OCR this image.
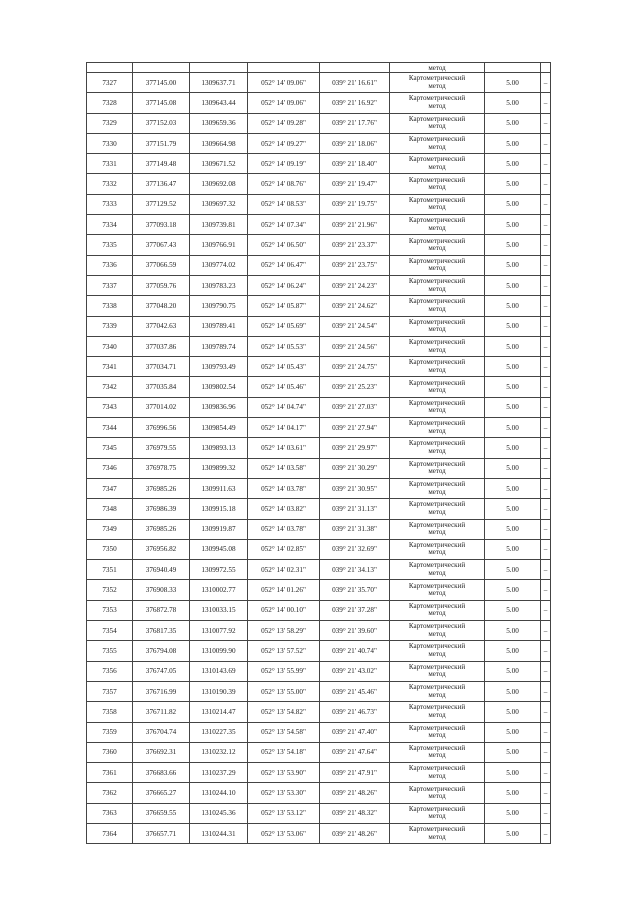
					метод		
7327	377145.00	1309637.71	052° 14' 09.06"	039° 21' 16.61"	Картометрический
метод	5.00	–
7328	377145.08	1309643.44	052° 14' 09.06"	039° 21' 16.92"	Картометрический
метод	5.00	–
7329	377152.03	1309659.36	052° 14' 09.28"	039° 21' 17.76"	Картометрический
метод	5.00	–
7330	377151.79	1309664.98	052° 14' 09.27"	039° 21' 18.06"	Картометрический
метод	5.00	–
7331	377149.48	1309671.52	052° 14' 09.19"	039° 21' 18.40"	Картометрический
метод	5.00	–
7332	377136.47	1309692.08	052° 14' 08.76"	039° 21' 19.47"	Картометрический
метод	5.00	–
7333	377129.52	1309697.32	052° 14' 08.53"	039° 21' 19.75"	Картометрический
метод	5.00	–
7334	377093.18	1309739.81	052° 14' 07.34"	039° 21' 21.96"	Картометрический
метод	5.00	–
7335	377067.43	1309766.91	052° 14' 06.50"	039° 21' 23.37"	Картометрический
метод	5.00	–
7336	377066.59	1309774.02	052° 14' 06.47"	039° 21' 23.75"	Картометрический
метод	5.00	–
7337	377059.76	1309783.23	052° 14' 06.24"	039° 21' 24.23"	Картометрический
метод	5.00	–
7338	377048.20	1309790.75	052° 14' 05.87"	039° 21' 24.62"	Картометрический
метод	5.00	–
7339	377042.63	1309789.41	052° 14' 05.69"	039° 21' 24.54"	Картометрический
метод	5.00	–
7340	377037.86	1309789.74	052° 14' 05.53"	039° 21' 24.56"	Картометрический
метод	5.00	–
7341	377034.71	1309793.49	052° 14' 05.43"	039° 21' 24.75"	Картометрический
метод	5.00	–
7342	377035.84	1309802.54	052° 14' 05.46"	039° 21' 25.23"	Картометрический
метод	5.00	–
7343	377014.02	1309836.96	052° 14' 04.74"	039° 21' 27.03"	Картометрический
метод	5.00	–
7344	376996.56	1309854.49	052° 14' 04.17"	039° 21' 27.94"	Картометрический
метод	5.00	–
7345	376979.55	1309893.13	052° 14' 03.61"	039° 21' 29.97"	Картометрический
метод	5.00	–
7346	376978.75	1309899.32	052° 14' 03.58"	039° 21' 30.29"	Картометрический
метод	5.00	–
7347	376985.26	1309911.63	052° 14' 03.78"	039° 21' 30.95"	Картометрический
метод	5.00	–
7348	376986.39	1309915.18	052° 14' 03.82"	039° 21' 31.13"	Картометрический
метод	5.00	–
7349	376985.26	1309919.87	052° 14' 03.78"	039° 21' 31.38"	Картометрический
метод	5.00	–
7350	376956.82	1309945.08	052° 14' 02.85"	039° 21' 32.69"	Картометрический
метод	5.00	–
7351	376940.49	1309972.55	052° 14' 02.31"	039° 21' 34.13"	Картометрический
метод	5.00	–
7352	376908.33	1310002.77	052° 14' 01.26"	039° 21' 35.70"	Картометрический
метод	5.00	–
7353	376872.78	1310033.15	052° 14' 00.10"	039° 21' 37.28"	Картометрический
метод	5.00	–
7354	376817.35	1310077.92	052° 13' 58.29"	039° 21' 39.60"	Картометрический
метод	5.00	–
7355	376794.08	1310099.90	052° 13' 57.52"	039° 21' 40.74"	Картометрический
метод	5.00	–
7356	376747.05	1310143.69	052° 13' 55.99"	039° 21' 43.02"	Картометрический
метод	5.00	–
7357	376716.99	1310190.39	052° 13' 55.00"	039° 21' 45.46"	Картометрический
метод	5.00	–
7358	376711.82	1310214.47	052° 13' 54.82"	039° 21' 46.73"	Картометрический
метод	5.00	–
7359	376704.74	1310227.35	052° 13' 54.58"	039° 21' 47.40"	Картометрический
метод	5.00	–
7360	376692.31	1310232.12	052° 13' 54.18"	039° 21' 47.64"	Картометрический
метод	5.00	–
7361	376683.66	1310237.29	052° 13' 53.90"	039° 21' 47.91"	Картометрический
метод	5.00	–
7362	376665.27	1310244.10	052° 13' 53.30"	039° 21' 48.26"	Картометрический
метод	5.00	–
7363	376659.55	1310245.36	052° 13' 53.12"	039° 21' 48.32"	Картометрический
метод	5.00	–
7364	376657.71	1310244.31	052° 13' 53.06"	039° 21' 48.26"	Картометрический
метод	5.00	–
